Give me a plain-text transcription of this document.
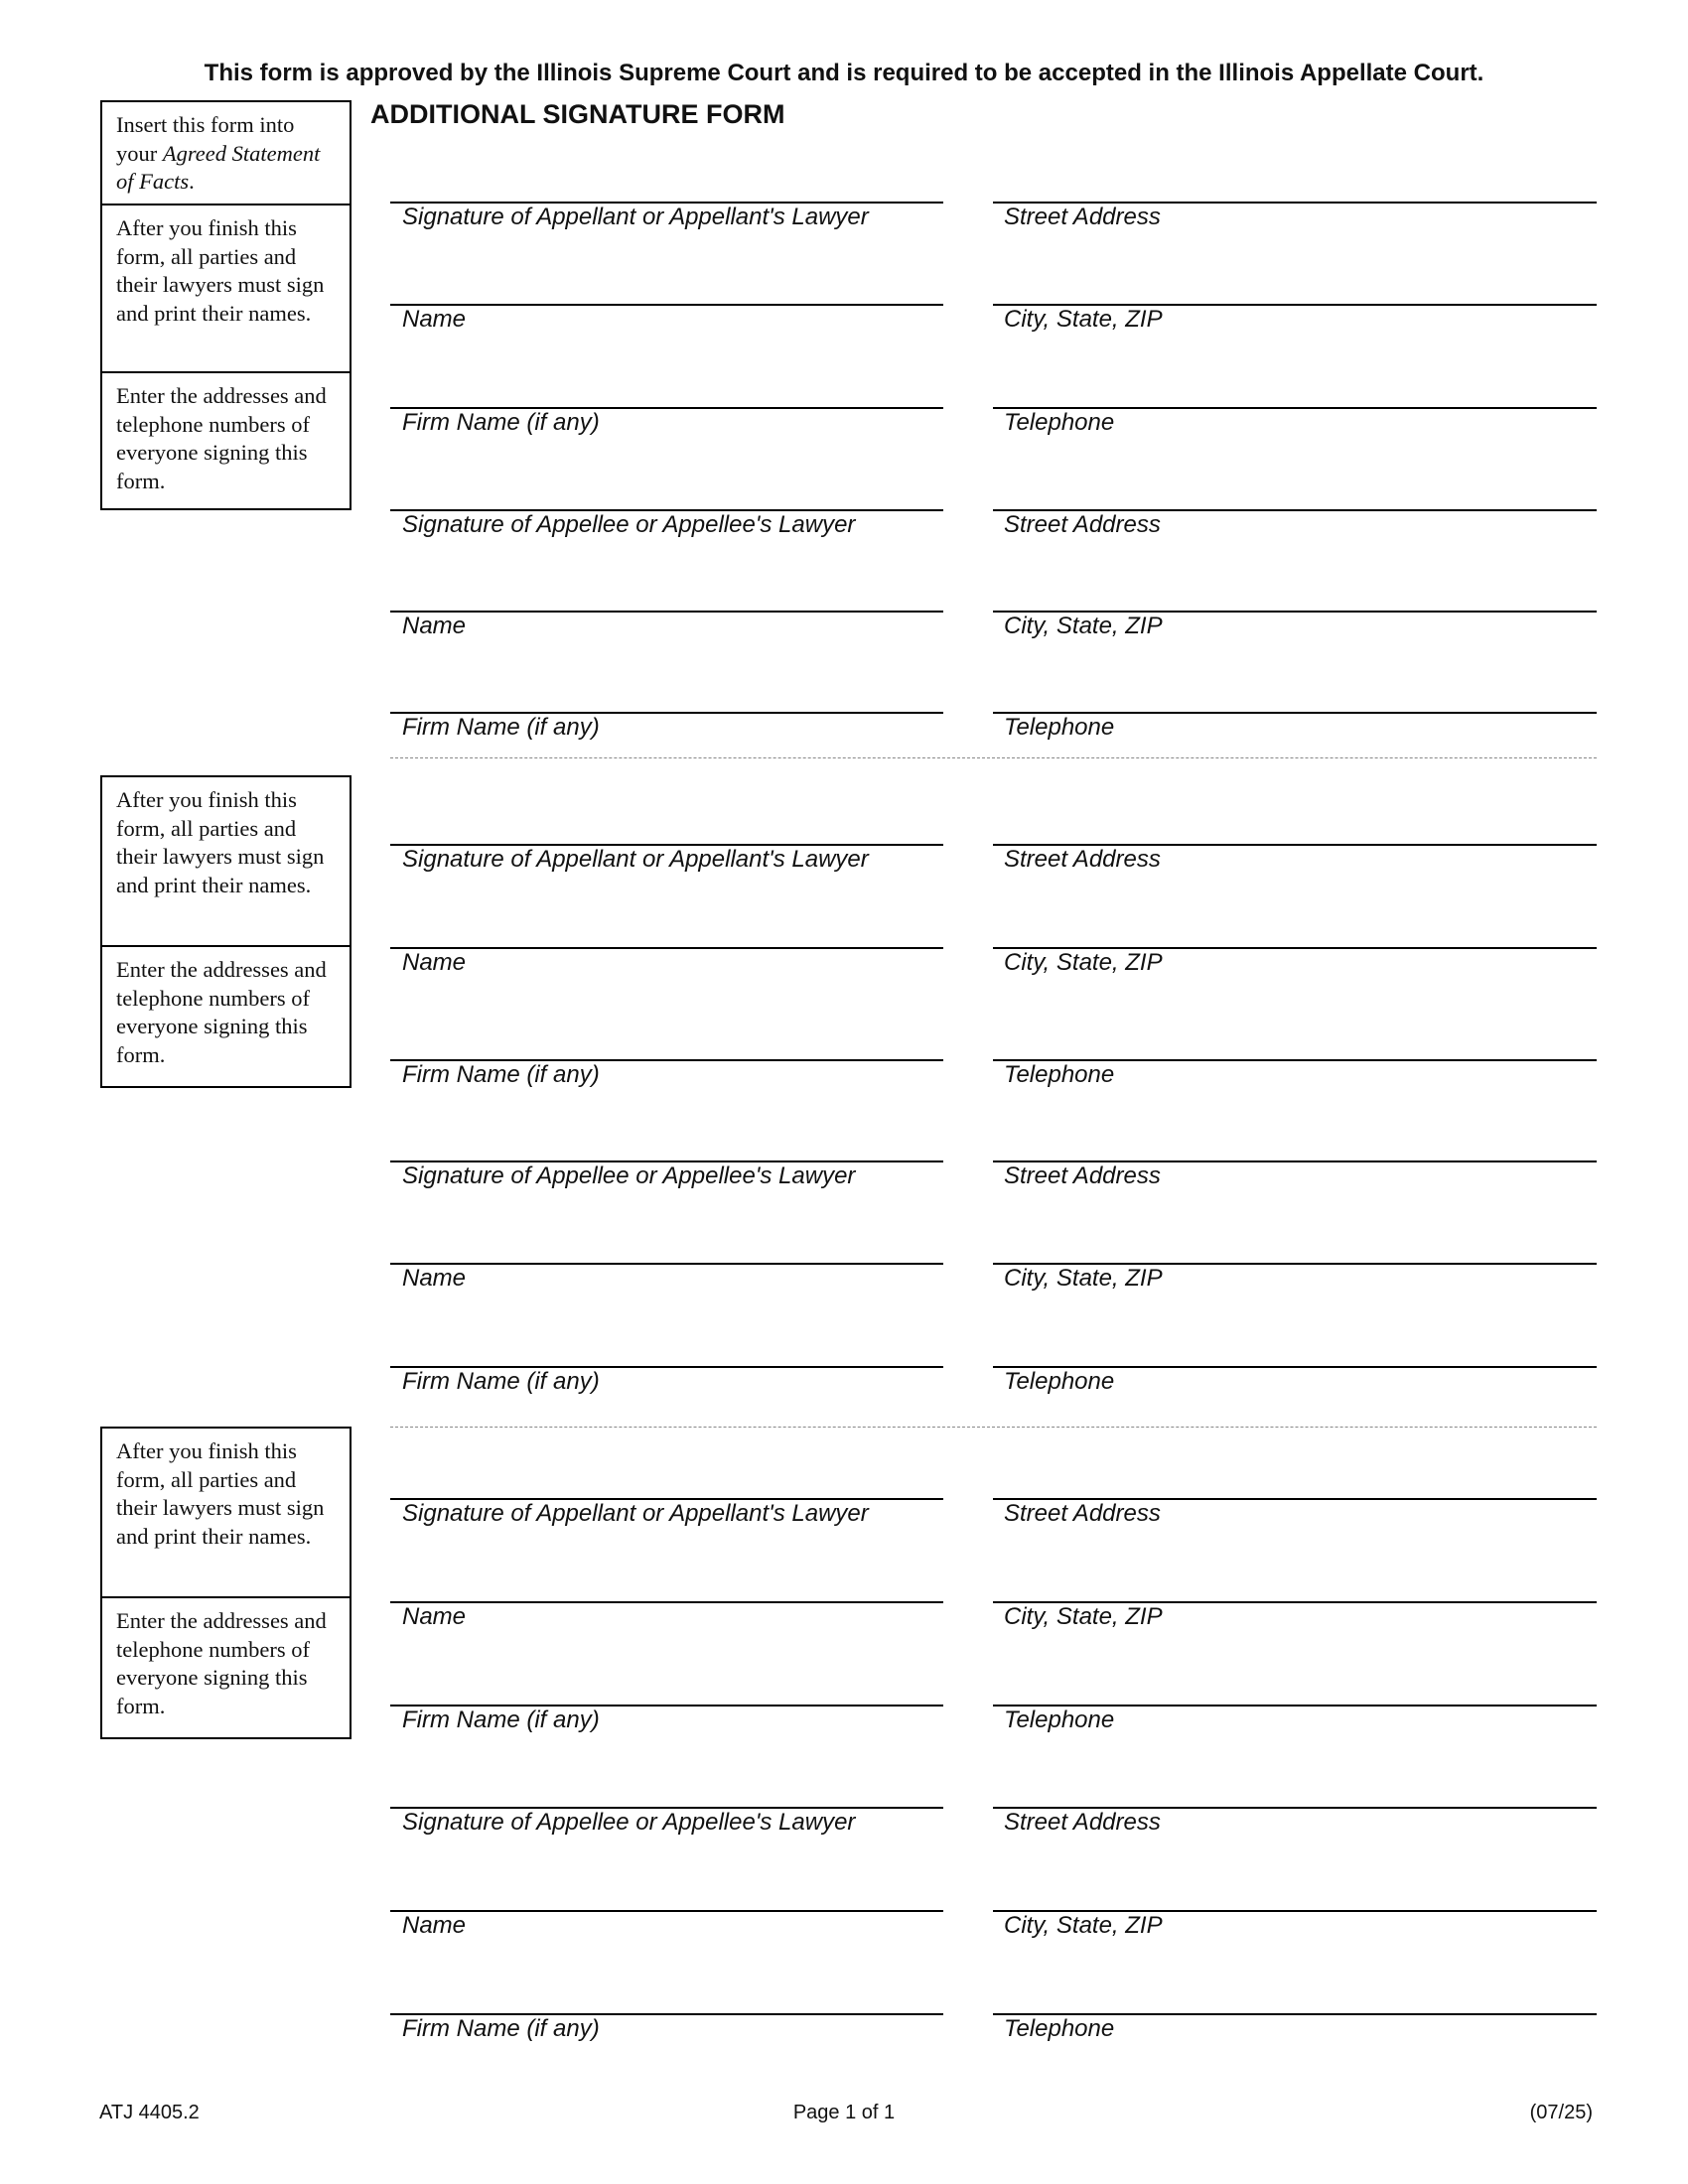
This form is approved by the Illinois Supreme Court and is required to be accepted in the Illinois Appellate Court.
ADDITIONAL SIGNATURE FORM
Insert this form into your Agreed Statement of Facts.
After you finish this form, all parties and their lawyers must sign and print their names.
Enter the addresses and telephone numbers of everyone signing this form.
After you finish this form, all parties and their lawyers must sign and print their names.
Enter the addresses and telephone numbers of everyone signing this form.
After you finish this form, all parties and their lawyers must sign and print their names.
Enter the addresses and telephone numbers of everyone signing this form.
Signature of Appellant or Appellant's Lawyer	Street Address
Name	City, State, ZIP
Firm Name (if any)	Telephone
Signature of Appellee or Appellee's Lawyer	Street Address
Name	City, State, ZIP
Firm Name (if any)	Telephone
Signature of Appellant or Appellant's Lawyer	Street Address
Name	City, State, ZIP
Firm Name (if any)	Telephone
Signature of Appellee or Appellee's Lawyer	Street Address
Name	City, State, ZIP
Firm Name (if any)	Telephone
Signature of Appellant or Appellant's Lawyer	Street Address
Name	City, State, ZIP
Firm Name (if any)	Telephone
Signature of Appellee or Appellee's Lawyer	Street Address
Name	City, State, ZIP
Firm Name (if any)	Telephone
ATJ 4405.2	Page 1 of 1	(07/25)
